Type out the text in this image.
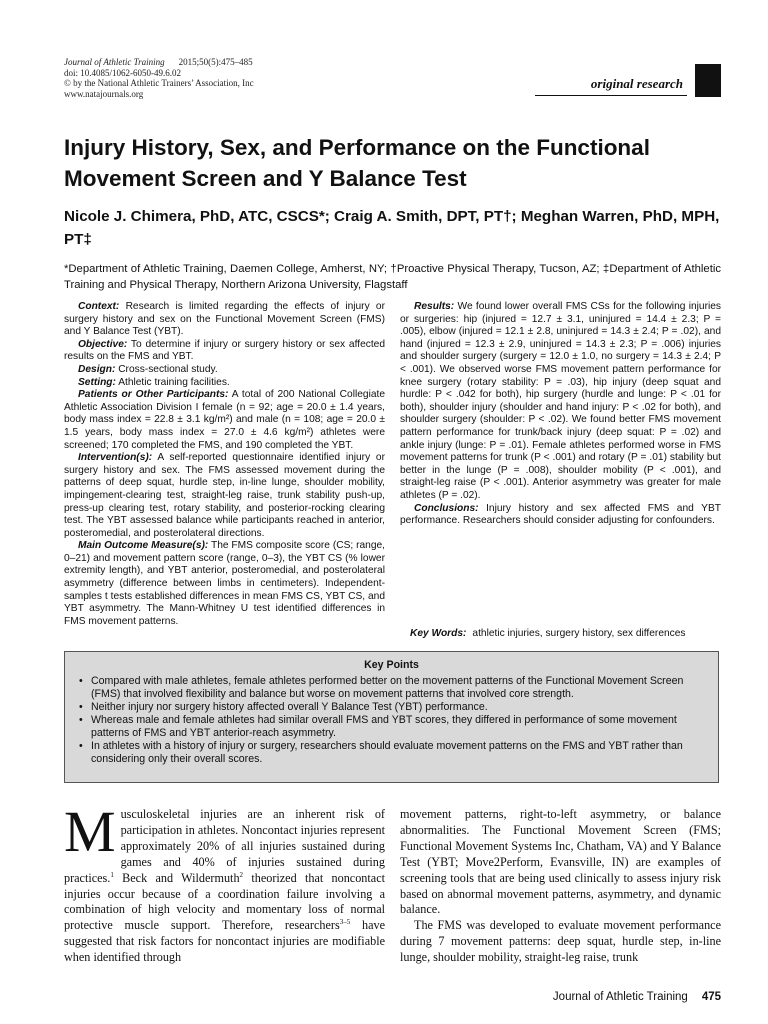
Journal of Athletic Training 2015;50(5):475–485
doi: 10.4085/1062-6050-49.6.02
© by the National Athletic Trainers’ Association, Inc
www.natajournals.org
original research
Injury History, Sex, and Performance on the Functional Movement Screen and Y Balance Test
Nicole J. Chimera, PhD, ATC, CSCS*; Craig A. Smith, DPT, PT†; Meghan Warren, PhD, MPH, PT‡
*Department of Athletic Training, Daemen College, Amherst, NY; †Proactive Physical Therapy, Tucson, AZ; ‡Department of Athletic Training and Physical Therapy, Northern Arizona University, Flagstaff
Context: Research is limited regarding the effects of injury or surgery history and sex on the Functional Movement Screen (FMS) and Y Balance Test (YBT).
Objective: To determine if injury or surgery history or sex affected results on the FMS and YBT.
Design: Cross-sectional study.
Setting: Athletic training facilities.
Patients or Other Participants: A total of 200 National Collegiate Athletic Association Division I female (n = 92; age = 20.0 ± 1.4 years, body mass index = 22.8 ± 3.1 kg/m²) and male (n = 108; age = 20.0 ± 1.5 years, body mass index = 27.0 ± 4.6 kg/m²) athletes were screened; 170 completed the FMS, and 190 completed the YBT.
Intervention(s): A self-reported questionnaire identified injury or surgery history and sex. The FMS assessed movement during the patterns of deep squat, hurdle step, in-line lunge, shoulder mobility, impingement-clearing test, straight-leg raise, trunk stability push-up, press-up clearing test, rotary stability, and posterior-rocking clearing test. The YBT assessed balance while participants reached in anterior, posteromedial, and posterolateral directions.
Main Outcome Measure(s): The FMS composite score (CS; range, 0–21) and movement pattern score (range, 0–3), the YBT CS (% lower extremity length), and YBT anterior, posteromedial, and posterolateral asymmetry (difference between limbs in centimeters). Independent-samples t tests established differences in mean FMS CS, YBT CS, and YBT asymmetry. The Mann-Whitney U test identified differences in FMS movement patterns.
Results: We found lower overall FMS CSs for the following injuries or surgeries: hip (injured = 12.7 ± 3.1, uninjured = 14.4 ± 2.3; P = .005), elbow (injured = 12.1 ± 2.8, uninjured = 14.3 ± 2.4; P = .02), and hand (injured = 12.3 ± 2.9, uninjured = 14.3 ± 2.3; P = .006) injuries and shoulder surgery (surgery = 12.0 ± 1.0, no surgery = 14.3 ± 2.4; P < .001). We observed worse FMS movement pattern performance for knee surgery (rotary stability: P = .03), hip injury (deep squat and hurdle: P < .042 for both), hip surgery (hurdle and lunge: P < .01 for both), shoulder injury (shoulder and hand injury: P < .02 for both), and shoulder surgery (shoulder: P < .02). We found better FMS movement pattern performance for trunk/back injury (deep squat: P = .02) and ankle injury (lunge: P = .01). Female athletes performed worse in FMS movement patterns for trunk (P < .001) and rotary (P = .01) stability but better in the lunge (P = .008), shoulder mobility (P < .001), and straight-leg raise (P < .001). Anterior asymmetry was greater for male athletes (P = .02).
Conclusions: Injury history and sex affected FMS and YBT performance. Researchers should consider adjusting for confounders.
Key Words: athletic injuries, surgery history, sex differences
Key Points
• Compared with male athletes, female athletes performed better on the movement patterns of the Functional Movement Screen (FMS) that involved flexibility and balance but worse on movement patterns that involved core strength.
• Neither injury nor surgery history affected overall Y Balance Test (YBT) performance.
• Whereas male and female athletes had similar overall FMS and YBT scores, they differed in performance of some movement patterns of FMS and YBT anterior-reach asymmetry.
• In athletes with a history of injury or surgery, researchers should evaluate movement patterns on the FMS and YBT rather than considering only their overall scores.
Musculoskeletal injuries are an inherent risk of participation in athletes. Noncontact injuries represent approximately 20% of all injuries sustained during games and 40% of injuries sustained during practices.$^1$ Beck and Wildermuth$^2$ theorized that noncontact injuries occur because of a coordination failure involving a combination of high velocity and momentary loss of normal protective muscle support. Therefore, researchers$^{3-5}$ have suggested that risk factors for noncontact injuries are modifiable when identified through
movement patterns, right-to-left asymmetry, or balance abnormalities. The Functional Movement Screen (FMS; Functional Movement Systems Inc, Chatham, VA) and Y Balance Test (YBT; Move2Perform, Evansville, IN) are examples of screening tools that are being used clinically to assess injury risk based on abnormal movement patterns, asymmetry, and dynamic balance.
The FMS was developed to evaluate movement performance during 7 movement patterns: deep squat, hurdle step, in-line lunge, shoulder mobility, straight-leg raise, trunk
Journal of Athletic Training 475
